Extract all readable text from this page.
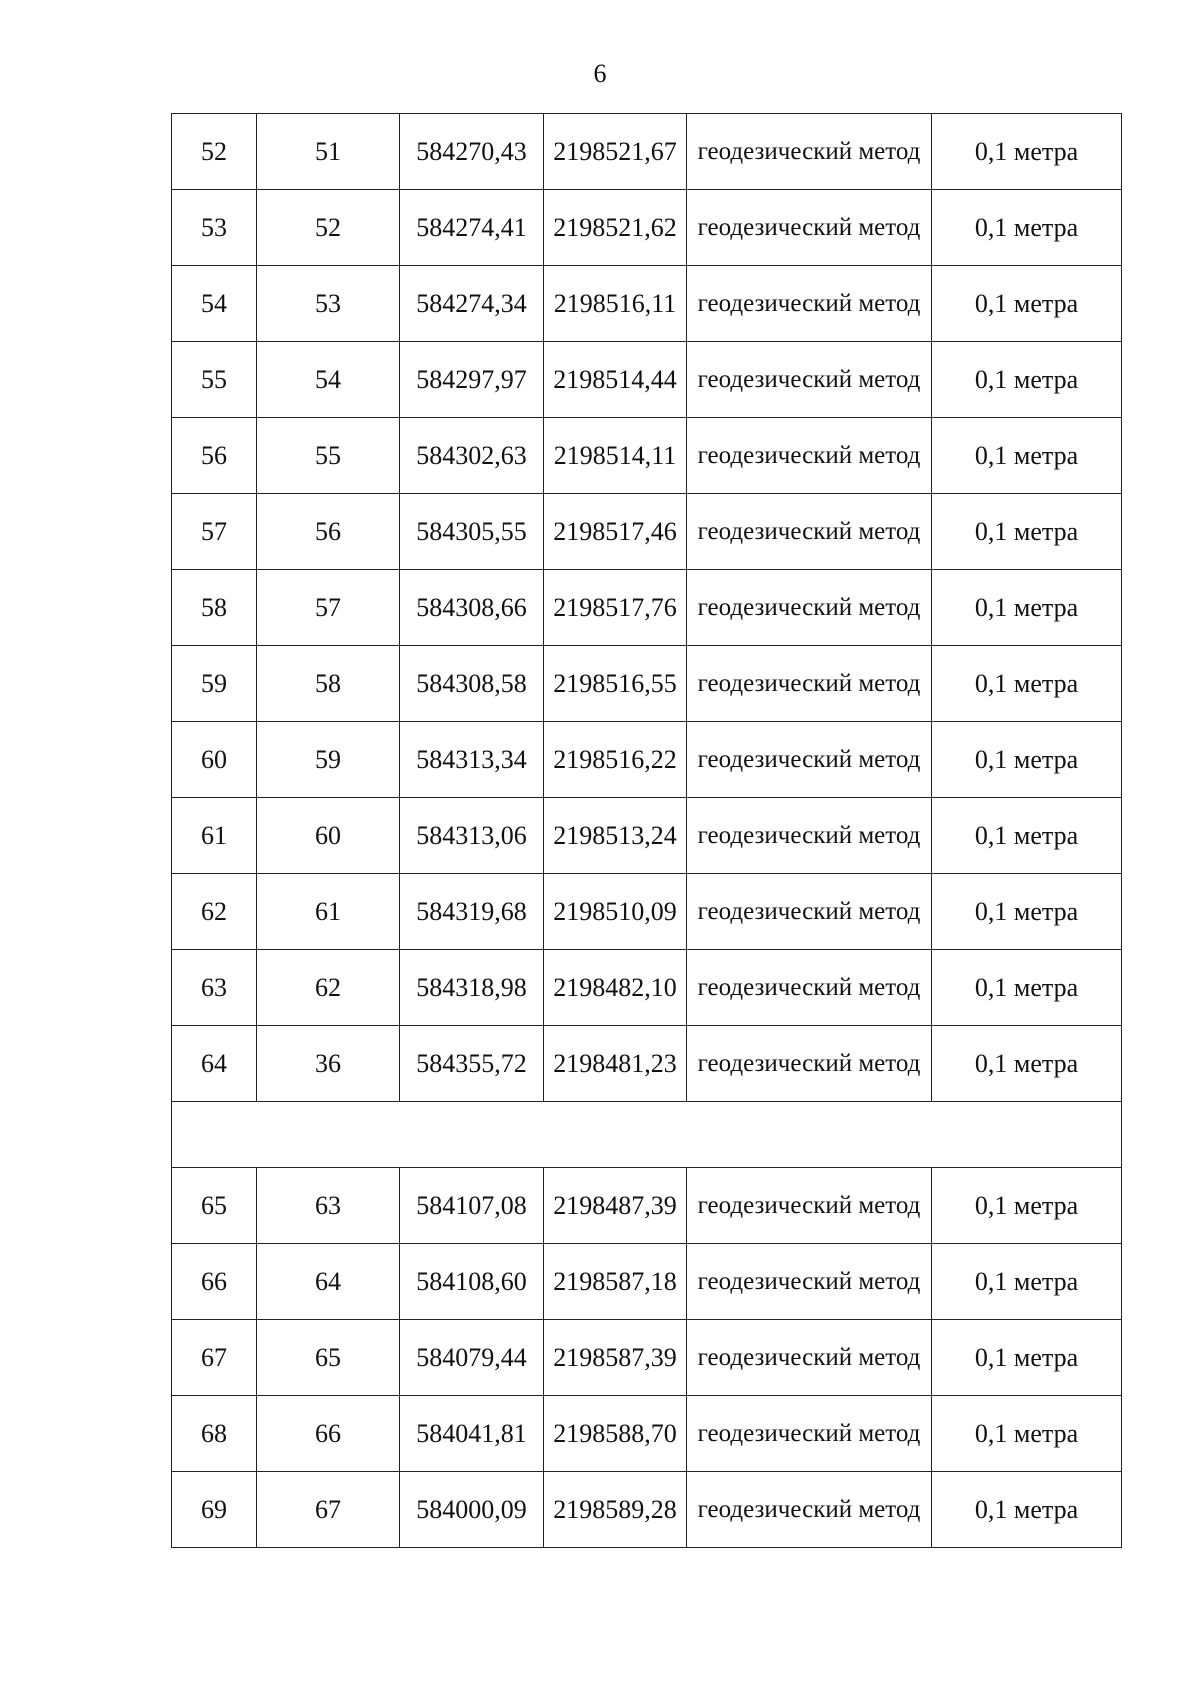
6
52	51	584270,43	2198521,67	геодезический метод	0,1 метра
53	52	584274,41	2198521,62	геодезический метод	0,1 метра
54	53	584274,34	2198516,11	геодезический метод	0,1 метра
55	54	584297,97	2198514,44	геодезический метод	0,1 метра
56	55	584302,63	2198514,11	геодезический метод	0,1 метра
57	56	584305,55	2198517,46	геодезический метод	0,1 метра
58	57	584308,66	2198517,76	геодезический метод	0,1 метра
59	58	584308,58	2198516,55	геодезический метод	0,1 метра
60	59	584313,34	2198516,22	геодезический метод	0,1 метра
61	60	584313,06	2198513,24	геодезический метод	0,1 метра
62	61	584319,68	2198510,09	геодезический метод	0,1 метра
63	62	584318,98	2198482,10	геодезический метод	0,1 метра
64	36	584355,72	2198481,23	геодезический метод	0,1 метра

65	63	584107,08	2198487,39	геодезический метод	0,1 метра
66	64	584108,60	2198587,18	геодезический метод	0,1 метра
67	65	584079,44	2198587,39	геодезический метод	0,1 метра
68	66	584041,81	2198588,70	геодезический метод	0,1 метра
69	67	584000,09	2198589,28	геодезический метод	0,1 метра
